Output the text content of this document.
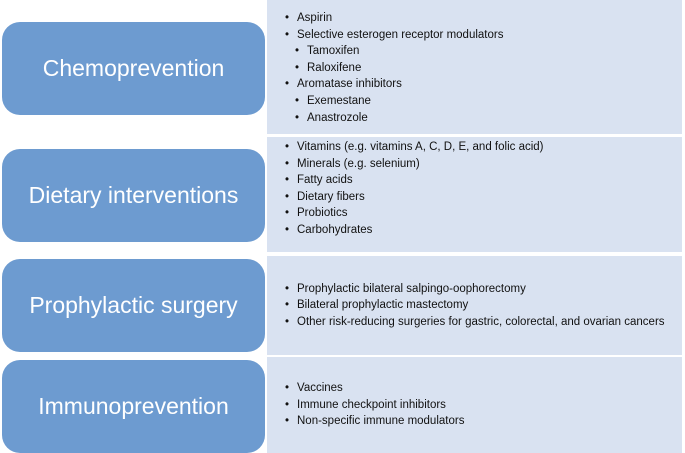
Chemoprevention
• Aspirin
• Selective esterogen receptor modulators
• Tamoxifen
• Raloxifene
• Aromatase inhibitors
• Exemestane
• Anastrozole
Dietary interventions
• Vitamins (e.g. vitamins A, C, D, E, and folic acid)
• Minerals (e.g. selenium)
• Fatty acids
• Dietary fibers
• Probiotics
• Carbohydrates
Prophylactic surgery
• Prophylactic bilateral salpingo-oophorectomy
• Bilateral prophylactic mastectomy
• Other risk-reducing surgeries for gastric, colorectal, and ovarian cancers
Immunoprevention
• Vaccines
• Immune checkpoint inhibitors
• Non-specific immune modulators
